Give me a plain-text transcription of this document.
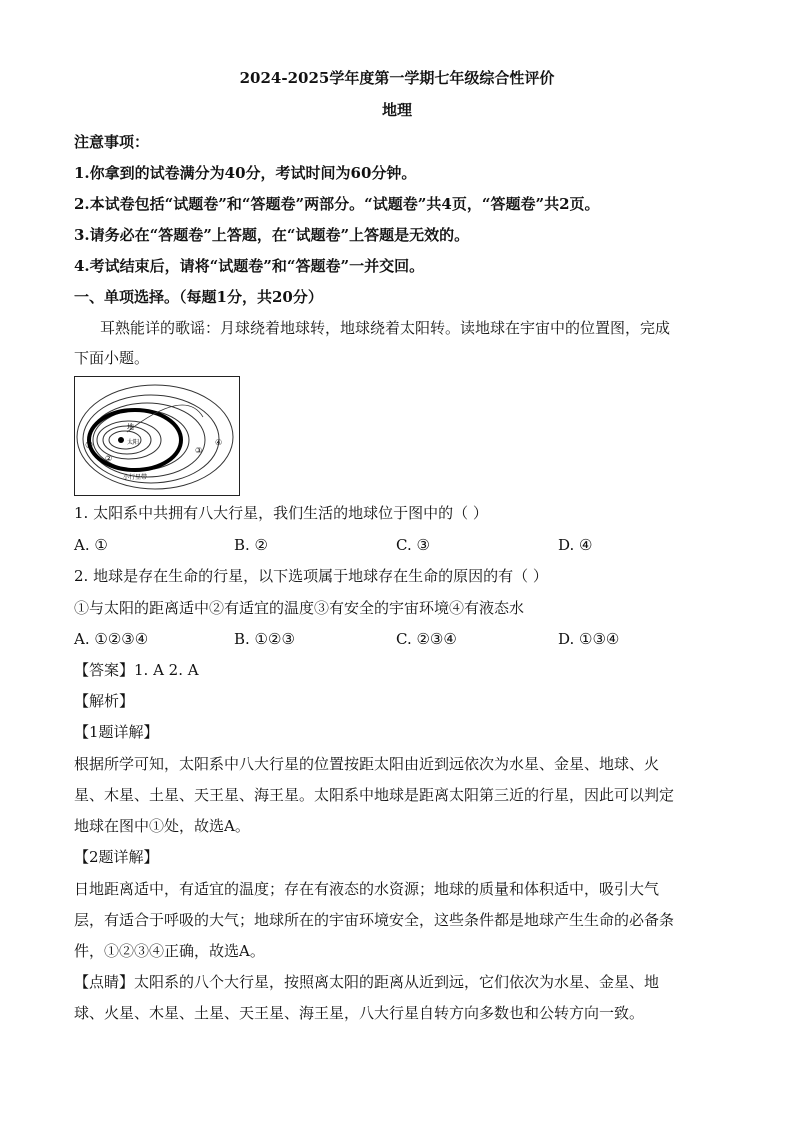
2024-2025学年度第一学期七年级综合性评价
地理
注意事项：
1.你拿到的试卷满分为40分，考试时间为60分钟。
2.本试卷包括“试题卷”和“答题卷”两部分。“试题卷”共4页，“答题卷”共2页。
3.请务必在“答题卷”上答题，在“试题卷”上答题是无效的。
4.考试结束后，请将“试题卷”和“答题卷”一并交回。
一、单项选择。（每题1分，共20分）
耳熟能详的歌谣：月球绕着地球转，地球绕着太阳转。读地球在宇宙中的位置图，完成
下面小题。
太阳
地
①
②
③
④
小行星带
1. 太阳系中共拥有八大行星，我们生活的地球位于图中的（ ）
A. ①	B. ②	C. ③	D. ④
2. 地球是存在生命的行星，以下选项属于地球存在生命的原因的有（ ）
①与太阳的距离适中②有适宜的温度③有安全的宇宙环境④有液态水
A. ①②③④	B. ①②③	C. ②③④	D. ①③④
【答案】1. A 2. A
【解析】
【1题详解】
根据所学可知，太阳系中八大行星的位置按距太阳由近到远依次为水星、金星、地球、火
星、木星、土星、天王星、海王星。太阳系中地球是距离太阳第三近的行星，因此可以判定
地球在图中①处，故选A。
【2题详解】
日地距离适中，有适宜的温度；存在有液态的水资源；地球的质量和体积适中，吸引大气
层，有适合于呼吸的大气；地球所在的宇宙环境安全，这些条件都是地球产生生命的必备条
件，①②③④正确，故选A。
【点睛】太阳系的八个大行星，按照离太阳的距离从近到远，它们依次为水星、金星、地
球、火星、木星、土星、天王星、海王星，八大行星自转方向多数也和公转方向一致。
